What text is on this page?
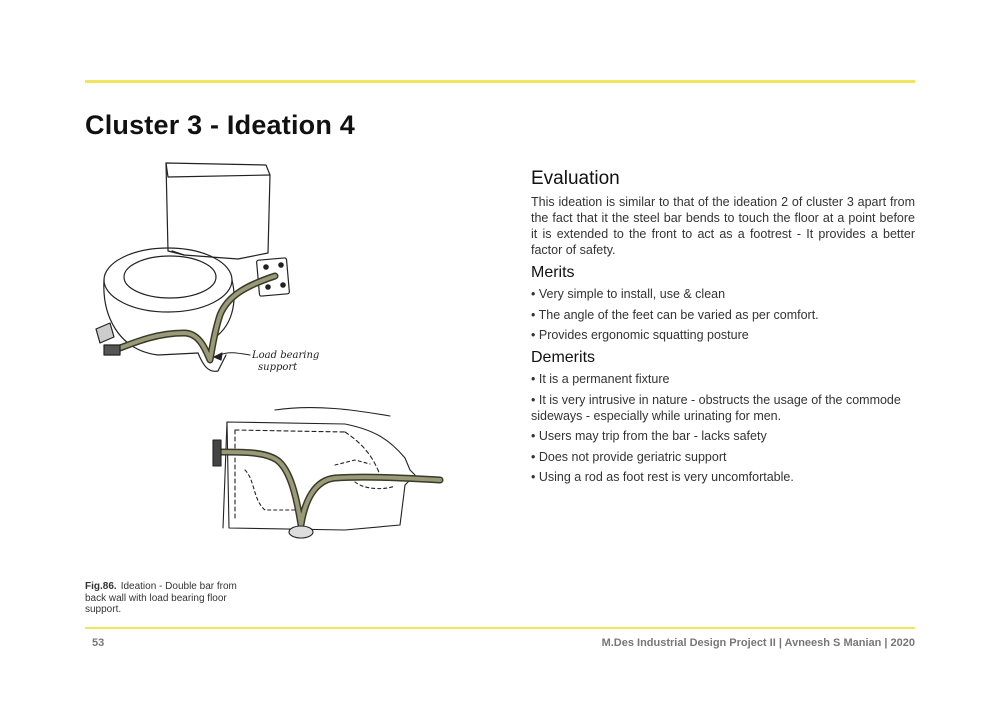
Cluster 3 - Ideation 4
Load bearing
support
Fig.86. Ideation - Double bar from back wall with load bearing floor support.
Evaluation

This ideation is similar to that of the ideation 2 of cluster 3 apart from the fact that it the steel bar bends to touch the floor at a point before it is extended to the front to act as a footrest - It provides a better factor of safety.

Merits
• Very simple to install, use & clean
• The angle of the feet can be varied as per comfort.
• Provides ergonomic squatting posture
Demerits
• It is a permanent fixture
• It is very intrusive in nature - obstructs the usage of the commode sideways - especially while urinating for men.
• Users may trip from the bar - lacks safety
• Does not provide geriatric support
• Using a rod as foot rest is very uncomfortable.
53	M.Des Industrial Design Project II | Avneesh S Manian | 2020
